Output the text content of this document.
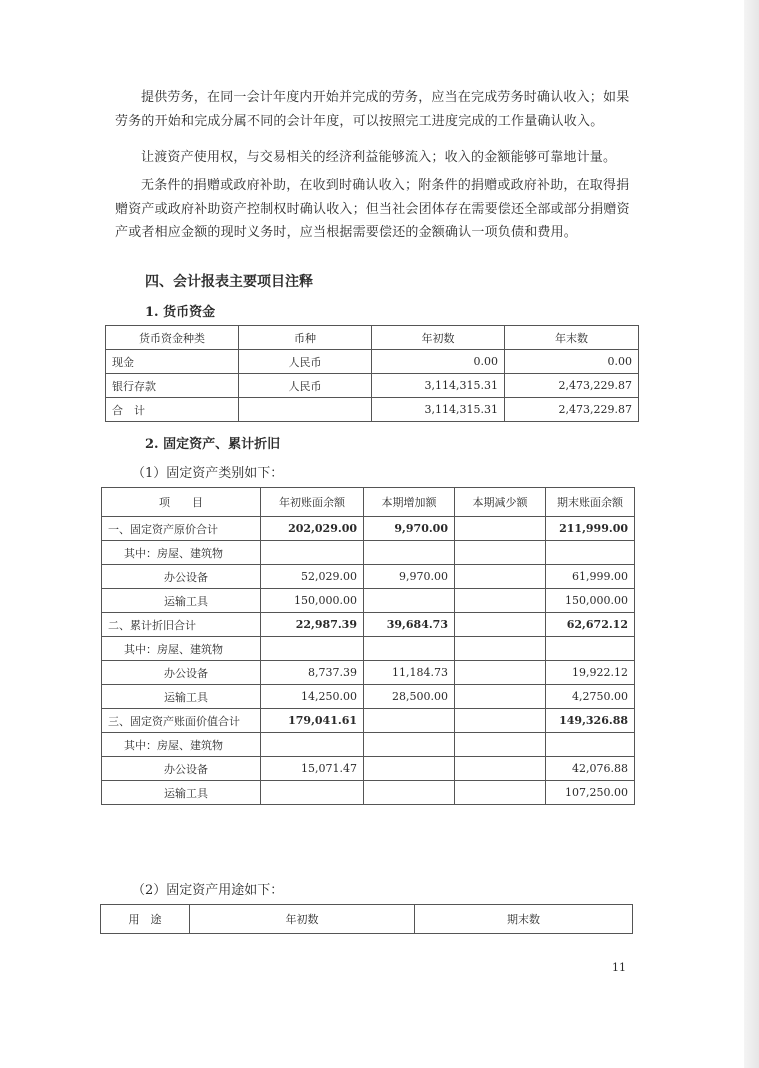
提供劳务，在同一会计年度内开始并完成的劳务，应当在完成劳务时确认收入；如果劳务的开始和完成分属不同的会计年度，可以按照完工进度完成的工作量确认收入。

让渡资产使用权，与交易相关的经济利益能够流入；收入的金额能够可靠地计量。

无条件的捐赠或政府补助，在收到时确认收入；附条件的捐赠或政府补助，在取得捐赠资产或政府补助资产控制权时确认收入；但当社会团体存在需要偿还全部或部分捐赠资产或者相应金额的现时义务时，应当根据需要偿还的金额确认一项负债和费用。

四、会计报表主要项目注释
1. 货币资金
货币资金种类	币种	年初数	年末数
现金	人民币	0.00	0.00
银行存款	人民币	3,114,315.31	2,473,229.87
合　计		3,114,315.31	2,473,229.87
2. 固定资产、累计折旧

（1）固定资产类别如下：

项　　目	年初账面余额	本期增加额	本期减少额	期末账面余额
一、固定资产原价合计	202,029.00	9,970.00		211,999.00
其中：房屋、建筑物				
办公设备	52,029.00	9,970.00		61,999.00
运输工具	150,000.00			150,000.00
二、累计折旧合计	22,987.39	39,684.73		62,672.12
其中：房屋、建筑物				
办公设备	8,737.39	11,184.73		19,922.12
运输工具	14,250.00	28,500.00		4,2750.00
三、固定资产账面价值合计	179,041.61			149,326.88
其中：房屋、建筑物				
办公设备	15,071.47			42,076.88
运输工具				107,250.00

（2）固定资产用途如下：

用　途	年初数	期末数
11
